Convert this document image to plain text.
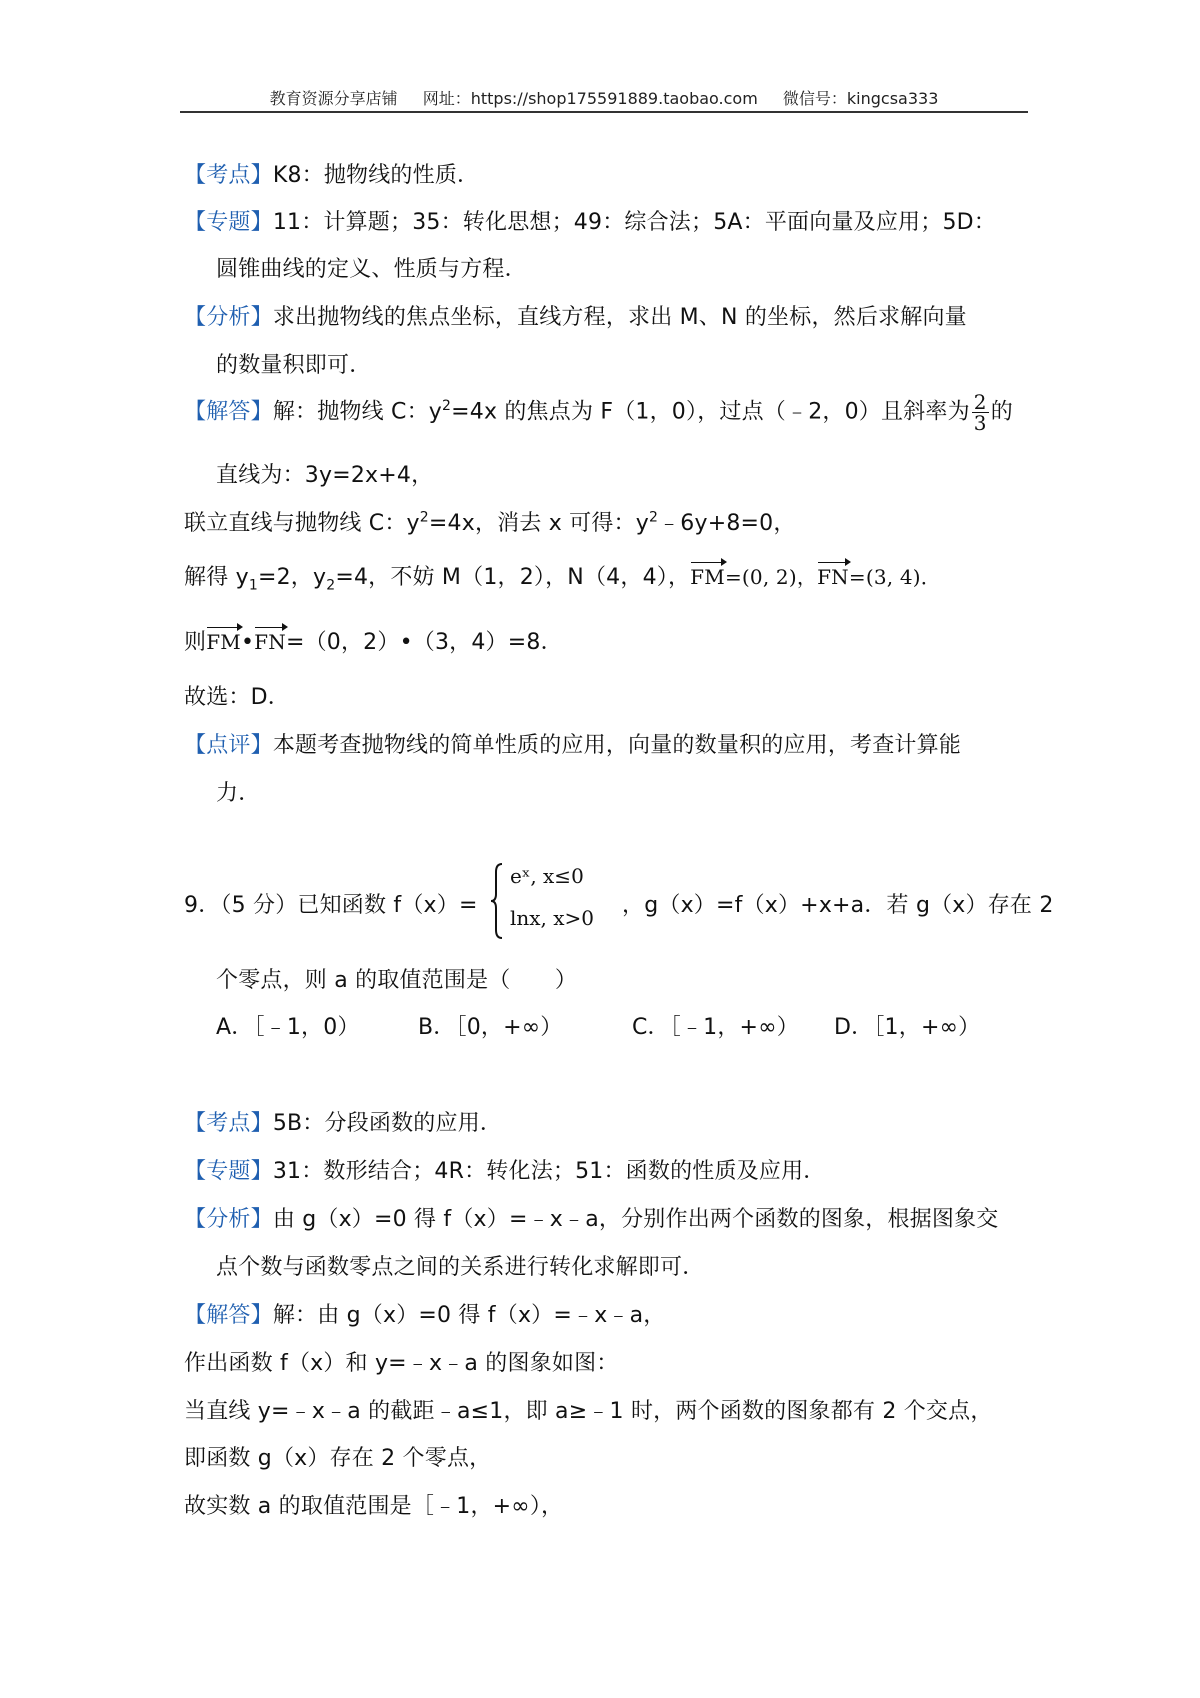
教育资源分享店铺 网址：https://shop175591889.taobao.com 微信号：kingcsa333
【考点】K8：抛物线的性质．
【专题】11：计算题；35：转化思想；49：综合法；5A：平面向量及应用；5D：
圆锥曲线的定义、性质与方程．
【分析】求出抛物线的焦点坐标，直线方程，求出 M、N 的坐标，然后求解向量
的数量积即可．
【解答】解：抛物线 C：$y^2=4x$ 的焦点为 F（1，0），过点（﹣2，0）且斜率为 $\frac{2}{3}$ 的
直线为：3y=2x+4，
联立直线与抛物线 C：$y^2=4x$，消去 x 可得：$y^2﹣6y+8=0$，
解得 $y_1=2$，$y_2=4$，不妨 M（1，2），N（4，4），FM=(0, 2)，FN=(3, 4)．
则FM•FN=（0，2）•（3，4）=8．
故选：D．
【点评】本题考查抛物线的简单性质的应用，向量的数量积的应用，考查计算能
力．
9．（5 分）已知函数 f（x）=
eˣ, x≤0
lnx, x>0 ，g（x）=f（x）+x+a．若 g（x）存在 2
个零点，则 a 的取值范围是（　　）
A．［﹣1，0）	B．［0，+∞）	C．［﹣1，+∞） D．［1，+∞）
【考点】5B：分段函数的应用．
【专题】31：数形结合；4R：转化法；51：函数的性质及应用．
【分析】由 g（x）=0 得 f（x）=﹣x﹣a，分别作出两个函数的图象，根据图象交
点个数与函数零点之间的关系进行转化求解即可．
【解答】解：由 g（x）=0 得 f（x）=﹣x﹣a，
作出函数 f（x）和 y=﹣x﹣a 的图象如图：
当直线 y=﹣x﹣a 的截距﹣a≤1，即 a≥﹣1 时，两个函数的图象都有 2 个交点，
即函数 g（x）存在 2 个零点，
故实数 a 的取值范围是［﹣1，+∞），
